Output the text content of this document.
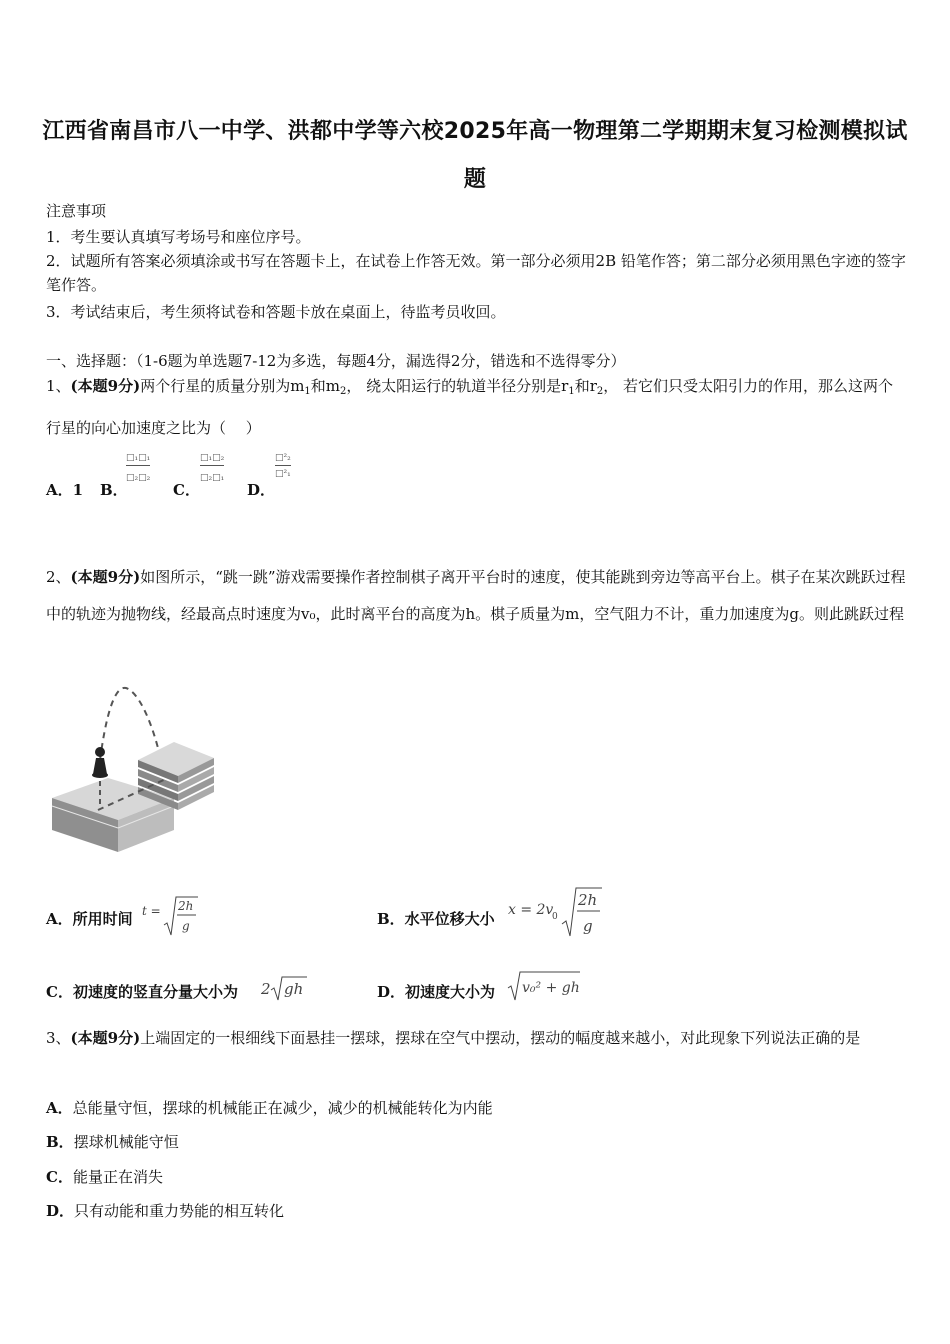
江西省南昌市八一中学、洪都中学等六校2025年高一物理第二学期期末复习检测模拟试题
注意事项
1．考生要认真填写考场号和座位序号。
2．试题所有答案必须填涂或书写在答题卡上，在试卷上作答无效。第一部分必须用2B 铅笔作答；第二部分必须用黑色字迹的签字笔作答。
3．考试结束后，考生须将试卷和答题卡放在桌面上，待监考员收回。
一、选择题：（1-6题为单选题7-12为多选，每题4分，漏选得2分，错选和不选得零分）
1、(本题9分)两个行星的质量分别为$m_1$和$m_2$， 绕太阳运行的轨道半径分别是$r_1$和$r_2$， 若它们只受太阳引力的作用，那么这两个行星的向心加速度之比为（　 ）
A．1 B．
□₁□₁
□₂□₂
C．
□₁□₂
□₂□₁
D．
□²₂
□²₁
2、(本题9分)如图所示，“跳一跳”游戏需要操作者控制棋子离开平台时的速度，使其能跳到旁边等高平台上。棋子在某次跳跃过程中的轨迹为抛物线，经最高点时速度为v₀，此时离平台的高度为h。棋子质量为m，空气阻力不计，重力加速度为g。则此跳跃过程
A．所用时间 t = 2h
g	B．水平位移大小 x = 2v
0
2h
g
C．初速度的竖直分量大小为 2 gh	D．初速度大小为 v₀² + gh
3、(本题9分)上端固定的一根细线下面悬挂一摆球，摆球在空气中摆动，摆动的幅度越来越小，对此现象下列说法正确的是
A．总能量守恒，摆球的机械能正在减少，减少的机械能转化为内能
B．摆球机械能守恒
C．能量正在消失
D．只有动能和重力势能的相互转化
